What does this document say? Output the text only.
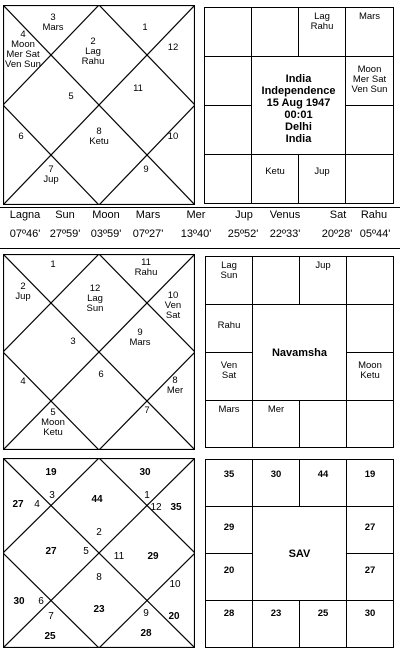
3
Mars	1
12
4
Moon
Mer Sat
Ven Sun
2
Lag
Rahu
5
11
6	8
Ketu	10
7
Jup
9
Lag
Rahu
Mars
Moon
Mer Sat
Ven Sun
Ketu	Jup
India
Independence
15 Aug 1947
00:01
Delhi
India
Lagna	Sun	Moon	Mars	Mer	Jup	Venus	Sat	Rahu
07º46' 27º59' 03º59'	07º27'	13º40'	25º52'	22º33'	20º28' 05º44'
1	11
Rahu
2
Jup
12
Lag
Sun

10
Ven
Sat
3
9
Mars
6
4	8
Mer
5
Moon
Ketu
7
Lag
Sun
Jup
Rahu
Ven
Sat
Moon
Ketu
Mars	Mer
Navamsha
3	1
12
4
2
5	11
6
8
10
7	9
19	30
27	44
35
27	29
30
23
20
25	28
35	30	44	19
29	27
20	27
28	23	25	30
SAV
